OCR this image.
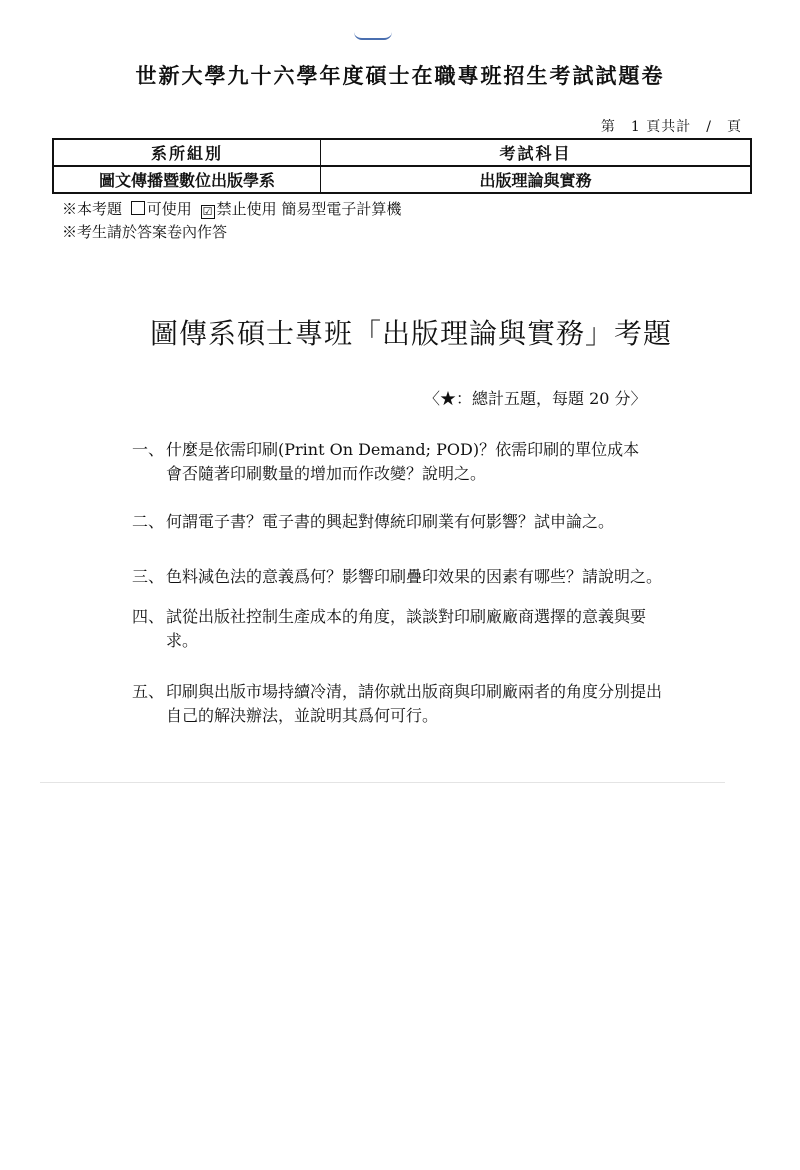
世新大學九十六學年度碩士在職專班招生考試試題卷
第　1 頁共計　/　頁
系所組別	考試科目
圖文傳播暨數位出版學系	出版理論與實務
※本考題 可使用 ☑ 禁止使用 簡易型電子計算機
※考生請於答案卷內作答
圖傳系碩士專班「出版理論與實務」考題
〈★：總計五題，每題 20 分〉
一、 什麼是依需印刷(Print On Demand; POD)？依需印刷的單位成本
會否隨著印刷數量的增加而作改變？說明之。
二、 何謂電子書？電子書的興起對傳統印刷業有何影響？試申論之。
三、 色料減色法的意義爲何？影響印刷疊印效果的因素有哪些？請說明之。
四、 試從出版社控制生產成本的角度，談談對印刷廠廠商選擇的意義與要
求。
五、 印刷與出版市場持續冷清，請你就出版商與印刷廠兩者的角度分別提出
自己的解決辦法，並說明其爲何可行。
